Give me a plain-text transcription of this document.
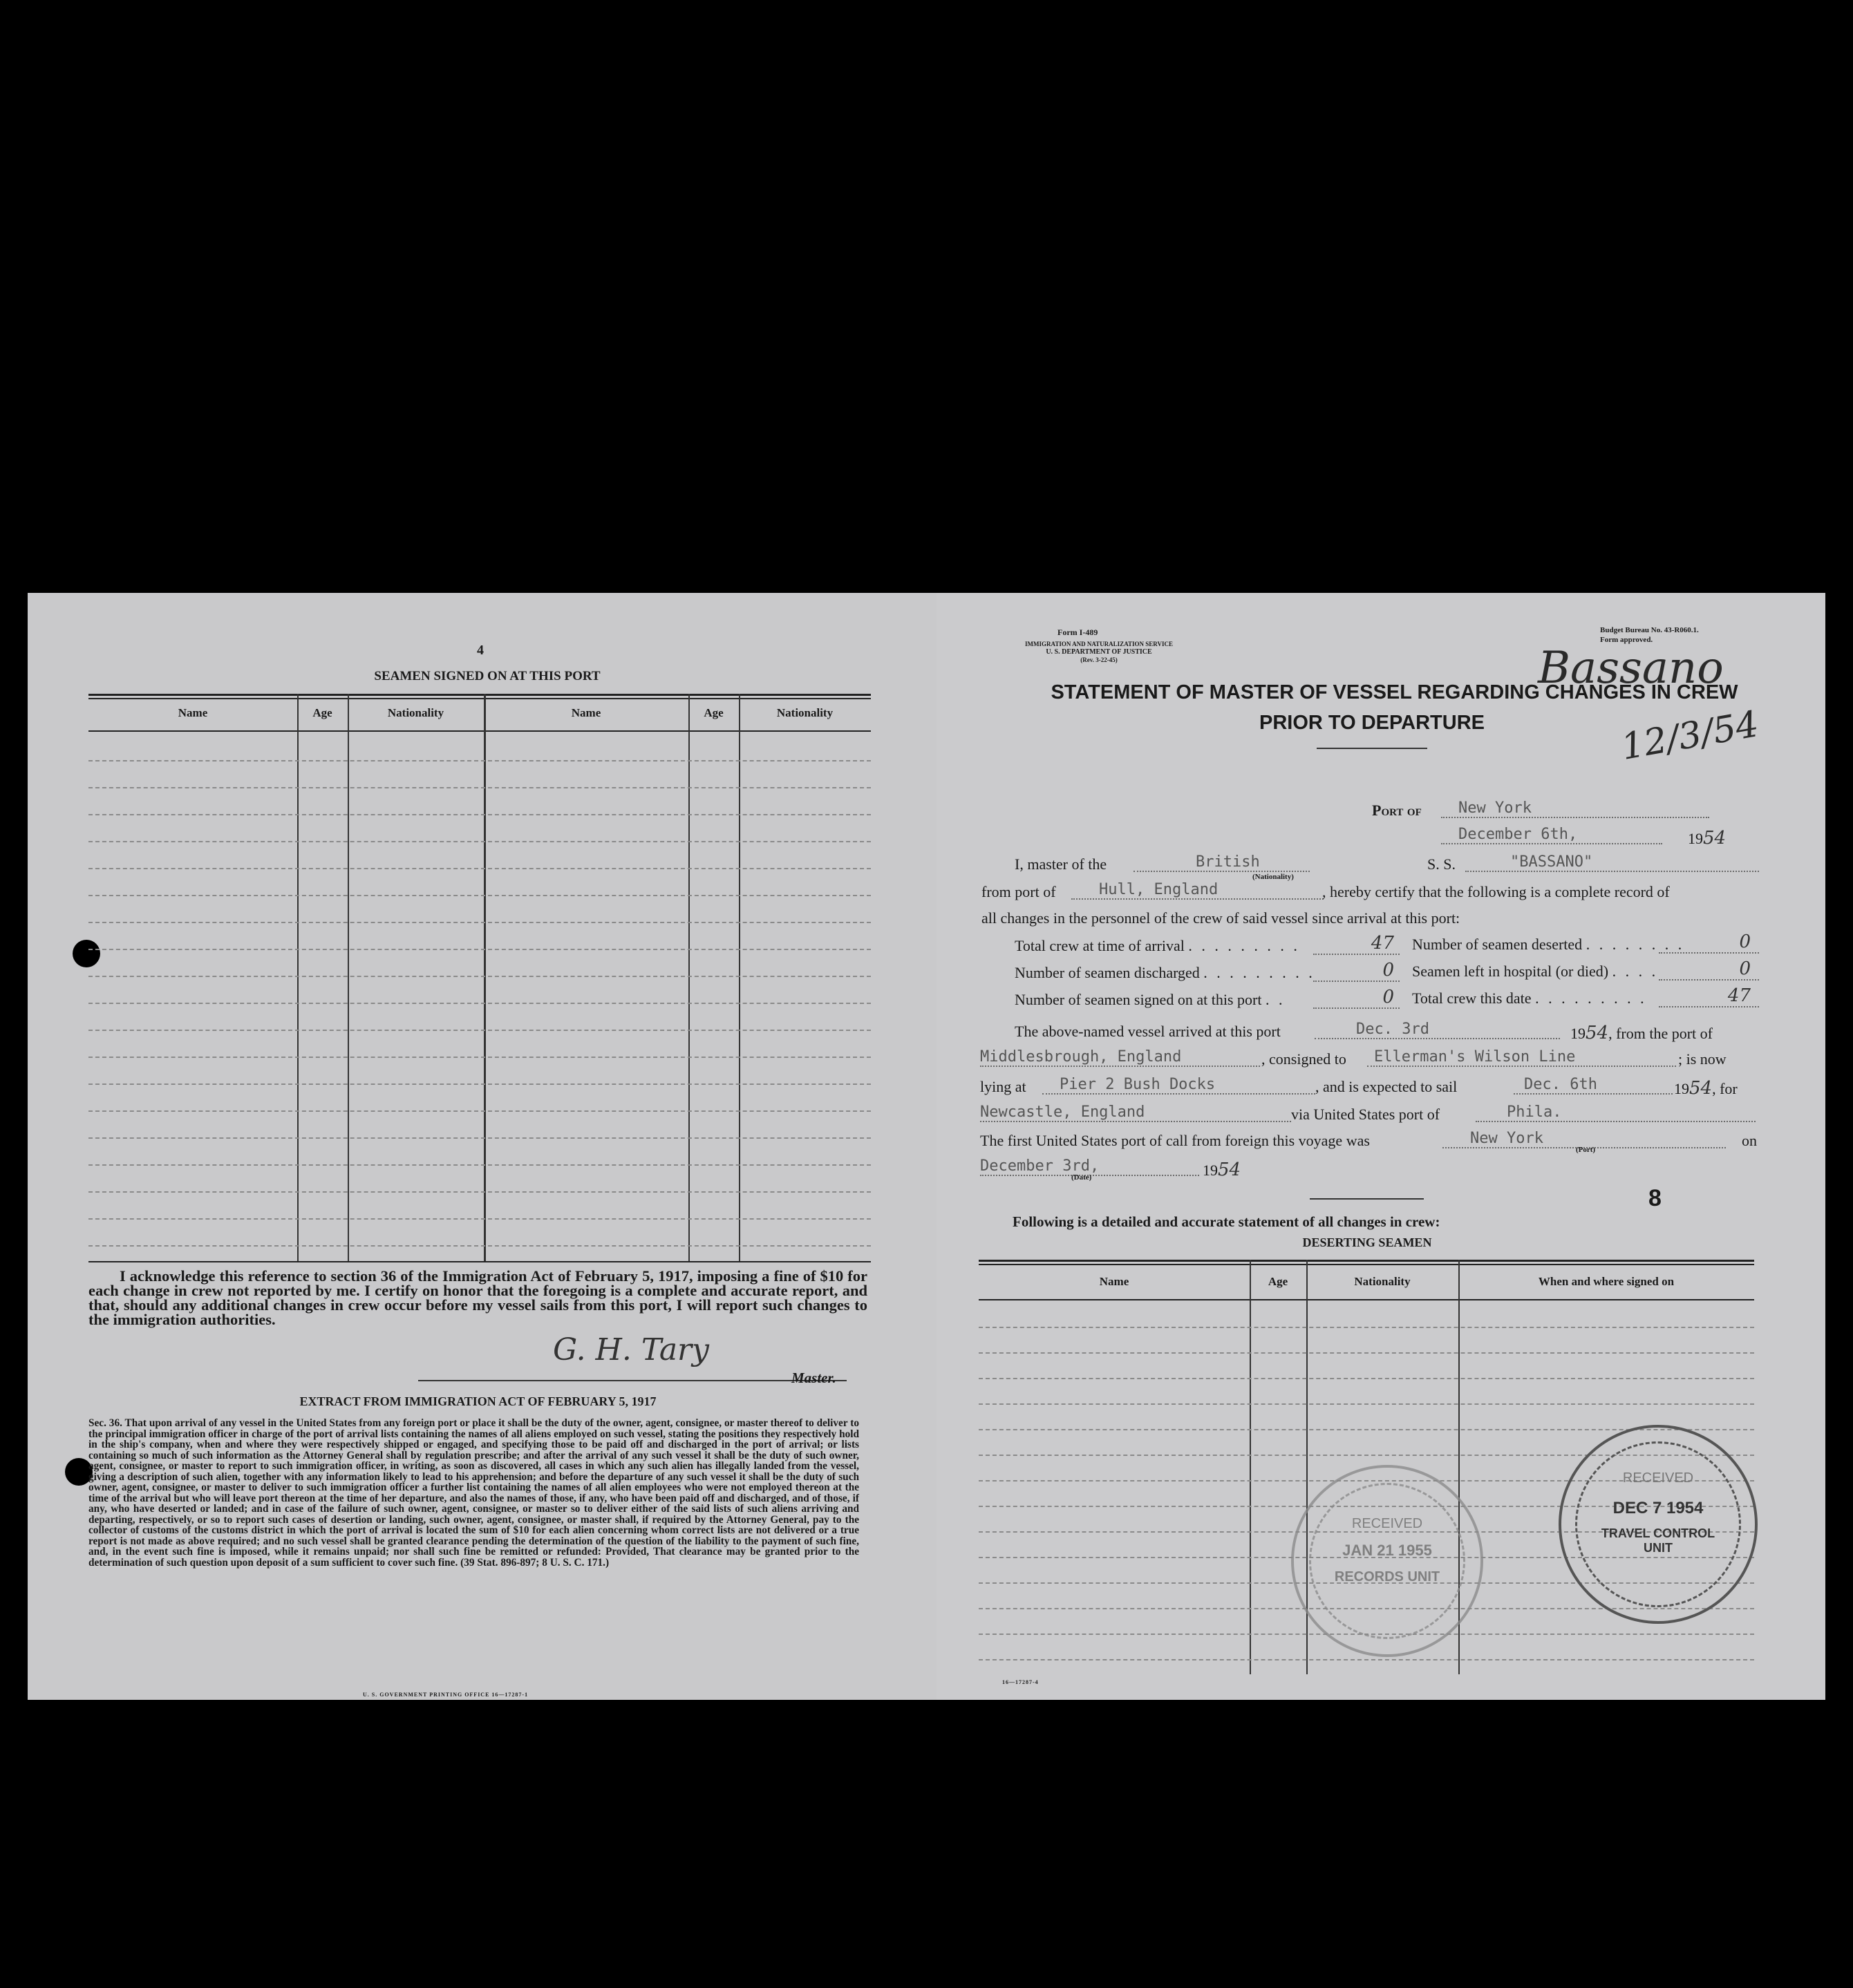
4
SEAMEN SIGNED ON AT THIS PORT
Name	Age	Nationality	Name	Age	Nationality
I acknowledge this reference to section 36 of the Immigration Act of February 5, 1917, imposing a fine of $10 for each change in crew not reported by me. I certify on honor that the foregoing is a complete and accurate report, and that, should any additional changes in crew occur before my vessel sails from this port, I will report such changes to the immigration authorities.
G. H. Tary
Master.
EXTRACT FROM IMMIGRATION ACT OF FEBRUARY 5, 1917
Sec. 36. That upon arrival of any vessel in the United States from any foreign port or place it shall be the duty of the owner, agent, consignee, or master thereof to deliver to the principal immigration officer in charge of the port of arrival lists containing the names of all aliens employed on such vessel, stating the positions they respectively hold in the ship's company, when and where they were respectively shipped or engaged, and specifying those to be paid off and discharged in the port of arrival; or lists containing so much of such information as the Attorney General shall by regulation prescribe; and after the arrival of any such vessel it shall be the duty of such owner, agent, consignee, or master to report to such immigration officer, in writing, as soon as discovered, all cases in which any such alien has illegally landed from the vessel, giving a description of such alien, together with any information likely to lead to his apprehension; and before the departure of any such vessel it shall be the duty of such owner, agent, consignee, or master to deliver to such immigration officer a further list containing the names of all alien employees who were not employed thereon at the time of the arrival but who will leave port thereon at the time of her departure, and also the names of those, if any, who have been paid off and discharged, and of those, if any, who have deserted or landed; and in case of the failure of such owner, agent, consignee, or master so to deliver either of the said lists of such aliens arriving and departing, respectively, or so to report such cases of desertion or landing, such owner, agent, consignee, or master shall, if required by the Attorney General, pay to the collector of customs of the customs district in which the port of arrival is located the sum of $10 for each alien concerning whom correct lists are not delivered or a true report is not made as above required; and no such vessel shall be granted clearance pending the determination of the question of the liability to the payment of such fine, and, in the event such fine is imposed, while it remains unpaid; nor shall such fine be remitted or refunded: Provided, That clearance may be granted prior to the determination of such question upon deposit of a sum sufficient to cover such fine. (39 Stat. 896-897; 8 U. S. C. 171.)
U. S. GOVERNMENT PRINTING OFFICE 16—17287-1
Form I-489
IMMIGRATION AND NATURALIZATION SERVICE
U. S. DEPARTMENT OF JUSTICE
(Rev. 3-22-45)
Budget Bureau No. 43-R060.1.
Form approved.
Bassano
12/3/54
STATEMENT OF MASTER OF VESSEL REGARDING CHANGES IN CREW
PRIOR TO DEPARTURE
Port of	New York
December 6th,	1954
I, master of the	British	S. S.	"BASSANO"
(Nationality)
from port of	Hull, England	, hereby certify that the following is a complete record of
all changes in the personnel of the crew of said vessel since arrival at this port:
Total crew at time of arrival . . . . . . . . .	47	Number of seamen deserted . . . . . . . .	0
Number of seamen discharged . . . . . . . . .	0	Seamen left in hospital (or died) . . . .	0
Number of seamen signed on at this port . .	0	Total crew this date . . . . . . . . .	47
The above-named vessel arrived at this port	Dec. 3rd	1954, from the port of
Middlesbrough, England	, consigned to	Ellerman's Wilson Line	; is now
lying at	Pier 2 Bush Docks	, and is expected to sail	Dec. 6th	1954, for
Newcastle, England	via United States port of	Phila.
The first United States port of call from foreign this voyage was	New York	on
(Port)
December 3rd,	1954
(Date)
8
Following is a detailed and accurate statement of all changes in crew:
DESERTING SEAMEN
Name	Age	Nationality	When and where signed on
RECEIVED
JAN 21 1955
RECORDS UNIT
RECEIVED
DEC 7 1954
TRAVEL CONTROL
UNIT
16—17287-4
